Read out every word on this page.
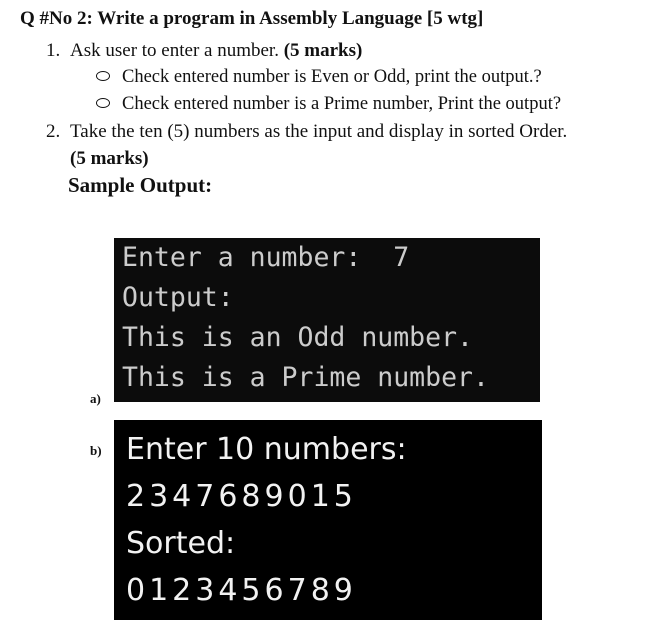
Q #No 2: Write a program in Assembly Language [5 wtg]
1. Ask user to enter a number. (5 marks)
Check entered number is Even or Odd, print the output.?
Check entered number is a Prime number, Print the output?
2. Take the ten (5) numbers as the input and display in sorted Order.
(5 marks)
Sample Output:
Enter a number:  7
Output:
This is an Odd number.
This is a Prime number.
a)
Enter 10 numbers:
2347689015
Sorted:
0123456789
b)
